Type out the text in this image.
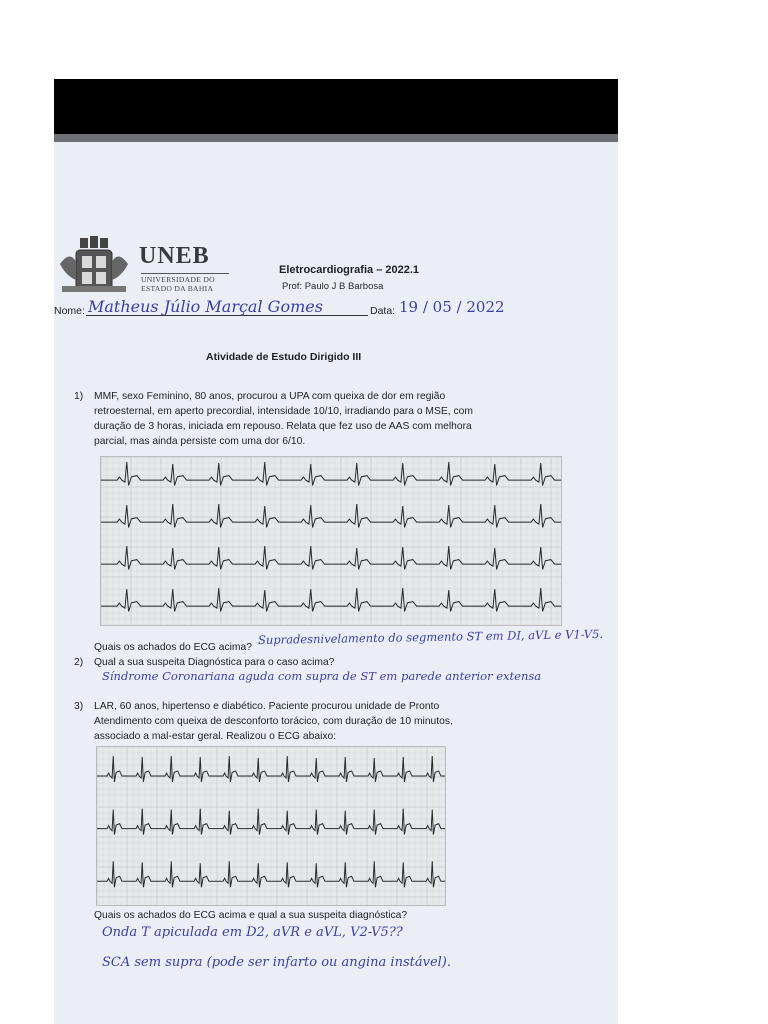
UNEB
UNIVERSIDADE DO
ESTADO DA BAHIA
Eletrocardiografia – 2022.1
Prof: Paulo J B Barbosa
Nome: Matheus Júlio Marçal Gomes	Data: 19 / 05 / 2022
Atividade de Estudo Dirigido III
1) MMF, sexo Feminino, 80 anos, procurou a UPA com queixa de dor em região
retroesternal, em aperto precordial, intensidade 10/10, irradiando para o MSE, com
duração de 3 horas, iniciada em repouso. Relata que fez uso de AAS com melhora
parcial, mas ainda persiste com uma dor 6/10.
Quais os achados do ECG acima?
Supradesnivelamento do segmento ST em DI, aVL e V1-V5.
2) Qual a sua suspeita Diagnóstica para o caso acima?
Síndrome Coronariana aguda com supra de ST em parede anterior extensa
3) LAR, 60 anos, hipertenso e diabético. Paciente procurou unidade de Pronto
Atendimento com queixa de desconforto torácico, com duração de 10 minutos,
associado a mal-estar geral. Realizou o ECG abaixo:
Quais os achados do ECG acima e qual a sua suspeita diagnóstica?
Onda T apiculada em D2, aVR e aVL, V2-V5??
SCA sem supra (pode ser infarto ou angina instável).
